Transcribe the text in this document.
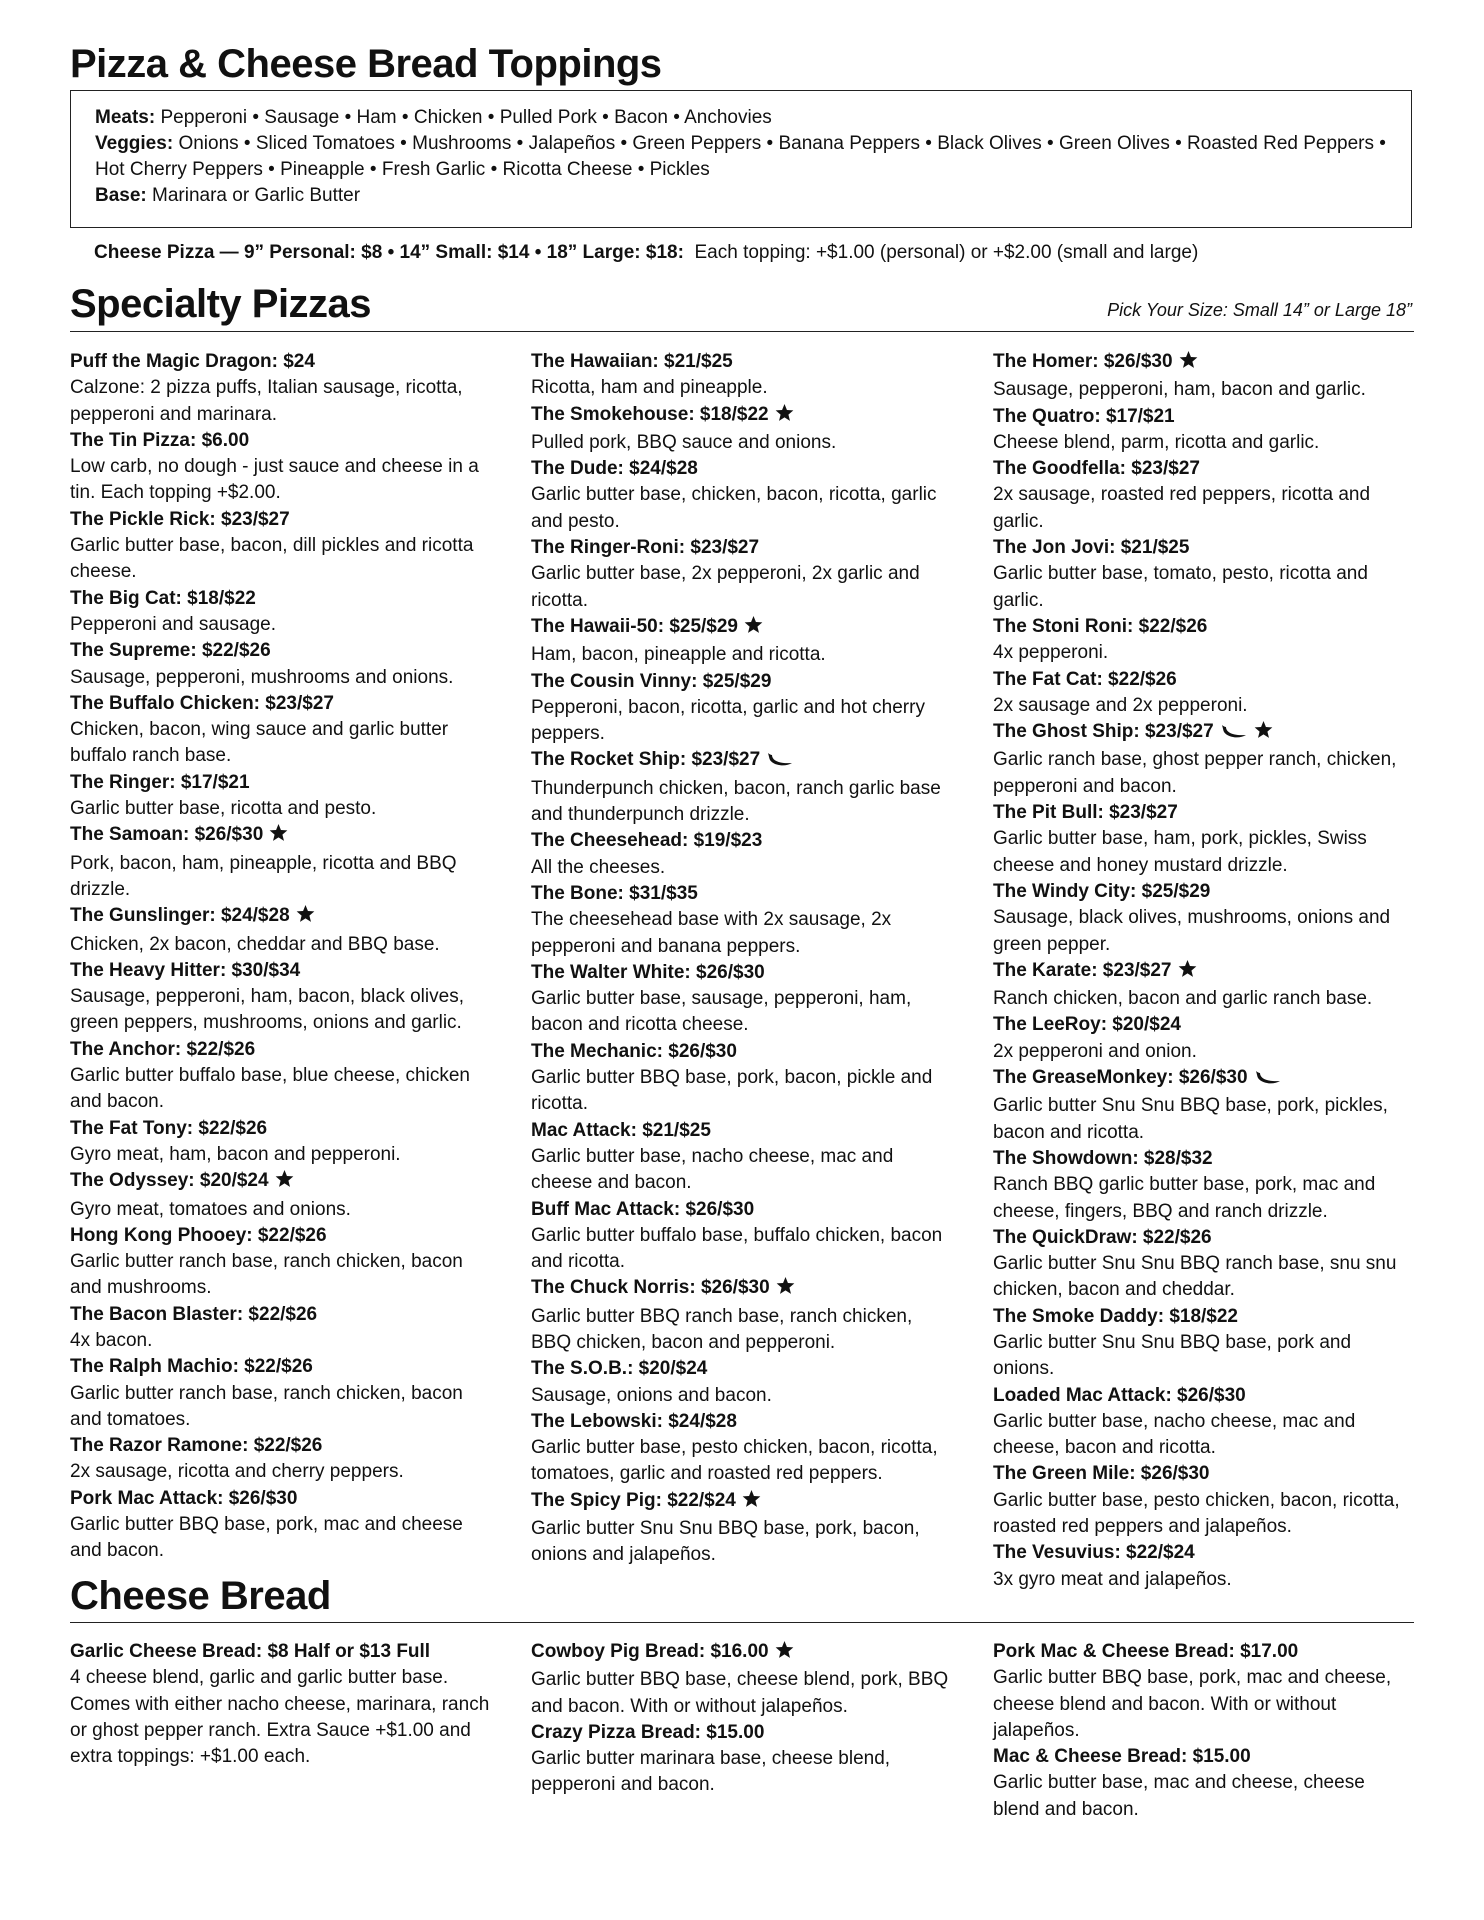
Pizza & Cheese Bread Toppings
Meats: Pepperoni • Sausage • Ham • Chicken • Pulled Pork • Bacon • Anchovies
Veggies: Onions • Sliced Tomatoes • Mushrooms • Jalapeños • Green Peppers • Banana Peppers • Black Olives • Green Olives • Roasted Red Peppers • Hot Cherry Peppers • Pineapple • Fresh Garlic • Ricotta Cheese • Pickles
Base: Marinara or Garlic Butter
Cheese Pizza — 9” Personal: $8 • 14” Small: $14 • 18” Large: $18: Each topping: +$1.00 (personal) or +$2.00 (small and large)
Specialty Pizzas	Pick Your Size: Small 14” or Large 18”
Puff the Magic Dragon: $24
Calzone: 2 pizza puffs, Italian sausage, ricotta, pepperoni and marinara.
The Tin Pizza: $6.00
Low carb, no dough - just sauce and cheese in a tin. Each topping +$2.00.
The Pickle Rick: $23/$27
Garlic butter base, bacon, dill pickles and ricotta cheese.
The Big Cat: $18/$22
Pepperoni and sausage.
The Supreme: $22/$26
Sausage, pepperoni, mushrooms and onions.
The Buffalo Chicken: $23/$27
Chicken, bacon, wing sauce and garlic butter buffalo ranch base.
The Ringer: $17/$21
Garlic butter base, ricotta and pesto.
The Samoan: $26/$30
Pork, bacon, ham, pineapple, ricotta and BBQ drizzle.
The Gunslinger: $24/$28
Chicken, 2x bacon, cheddar and BBQ base.
The Heavy Hitter: $30/$34
Sausage, pepperoni, ham, bacon, black olives, green peppers, mushrooms, onions and garlic.
The Anchor: $22/$26
Garlic butter buffalo base, blue cheese, chicken and bacon.
The Fat Tony: $22/$26
Gyro meat, ham, bacon and pepperoni.
The Odyssey: $20/$24
Gyro meat, tomatoes and onions.
Hong Kong Phooey: $22/$26
Garlic butter ranch base, ranch chicken, bacon and mushrooms.
The Bacon Blaster: $22/$26
4x bacon.
The Ralph Machio: $22/$26
Garlic butter ranch base, ranch chicken, bacon and tomatoes.
The Razor Ramone: $22/$26
2x sausage, ricotta and cherry peppers.
Pork Mac Attack: $26/$30
Garlic butter BBQ base, pork, mac and cheese and bacon.
The Hawaiian: $21/$25
Ricotta, ham and pineapple.
The Smokehouse: $18/$22
Pulled pork, BBQ sauce and onions.
The Dude: $24/$28
Garlic butter base, chicken, bacon, ricotta, garlic and pesto.
The Ringer-Roni: $23/$27
Garlic butter base, 2x pepperoni, 2x garlic and ricotta.
The Hawaii-50: $25/$29
Ham, bacon, pineapple and ricotta.
The Cousin Vinny: $25/$29
Pepperoni, bacon, ricotta, garlic and hot cherry peppers.
The Rocket Ship: $23/$27
Thunderpunch chicken, bacon, ranch garlic base and thunderpunch drizzle.
The Cheesehead: $19/$23
All the cheeses.
The Bone: $31/$35
The cheesehead base with 2x sausage, 2x pepperoni and banana peppers.
The Walter White: $26/$30
Garlic butter base, sausage, pepperoni, ham, bacon and ricotta cheese.
The Mechanic: $26/$30
Garlic butter BBQ base, pork, bacon, pickle and ricotta.
Mac Attack: $21/$25
Garlic butter base, nacho cheese, mac and cheese and bacon.
Buff Mac Attack: $26/$30
Garlic butter buffalo base, buffalo chicken, bacon and ricotta.
The Chuck Norris: $26/$30
Garlic butter BBQ ranch base, ranch chicken, BBQ chicken, bacon and pepperoni.
The S.O.B.: $20/$24
Sausage, onions and bacon.
The Lebowski: $24/$28
Garlic butter base, pesto chicken, bacon, ricotta, tomatoes, garlic and roasted red peppers.
The Spicy Pig: $22/$24
Garlic butter Snu Snu BBQ base, pork, bacon, onions and jalapeños.
The Homer: $26/$30
Sausage, pepperoni, ham, bacon and garlic.
The Quatro: $17/$21
Cheese blend, parm, ricotta and garlic.
The Goodfella: $23/$27
2x sausage, roasted red peppers, ricotta and garlic.
The Jon Jovi: $21/$25
Garlic butter base, tomato, pesto, ricotta and garlic.
The Stoni Roni: $22/$26
4x pepperoni.
The Fat Cat: $22/$26
2x sausage and 2x pepperoni.
The Ghost Ship: $23/$27
Garlic ranch base, ghost pepper ranch, chicken, pepperoni and bacon.
The Pit Bull: $23/$27
Garlic butter base, ham, pork, pickles, Swiss cheese and honey mustard drizzle.
The Windy City: $25/$29
Sausage, black olives, mushrooms, onions and green pepper.
The Karate: $23/$27
Ranch chicken, bacon and garlic ranch base.
The LeeRoy: $20/$24
2x pepperoni and onion.
The GreaseMonkey: $26/$30
Garlic butter Snu Snu BBQ base, pork, pickles, bacon and ricotta.
The Showdown: $28/$32
Ranch BBQ garlic butter base, pork, mac and cheese, fingers, BBQ and ranch drizzle.
The QuickDraw: $22/$26
Garlic butter Snu Snu BBQ ranch base, snu snu chicken, bacon and cheddar.
The Smoke Daddy: $18/$22
Garlic butter Snu Snu BBQ base, pork and onions.
Loaded Mac Attack: $26/$30
Garlic butter base, nacho cheese, mac and cheese, bacon and ricotta.
The Green Mile: $26/$30
Garlic butter base, pesto chicken, bacon, ricotta, roasted red peppers and jalapeños.
The Vesuvius: $22/$24
3x gyro meat and jalapeños.
Cheese Bread
Garlic Cheese Bread: $8 Half or $13 Full
4 cheese blend, garlic and garlic butter base. Comes with either nacho cheese, marinara, ranch or ghost pepper ranch. Extra Sauce +$1.00 and extra toppings: +$1.00 each.
Cowboy Pig Bread: $16.00
Garlic butter BBQ base, cheese blend, pork, BBQ and bacon. With or without jalapeños.
Crazy Pizza Bread: $15.00
Garlic butter marinara base, cheese blend, pepperoni and bacon.
Pork Mac & Cheese Bread: $17.00
Garlic butter BBQ base, pork, mac and cheese, cheese blend and bacon. With or without jalapeños.
Mac & Cheese Bread: $15.00
Garlic butter base, mac and cheese, cheese blend and bacon.
